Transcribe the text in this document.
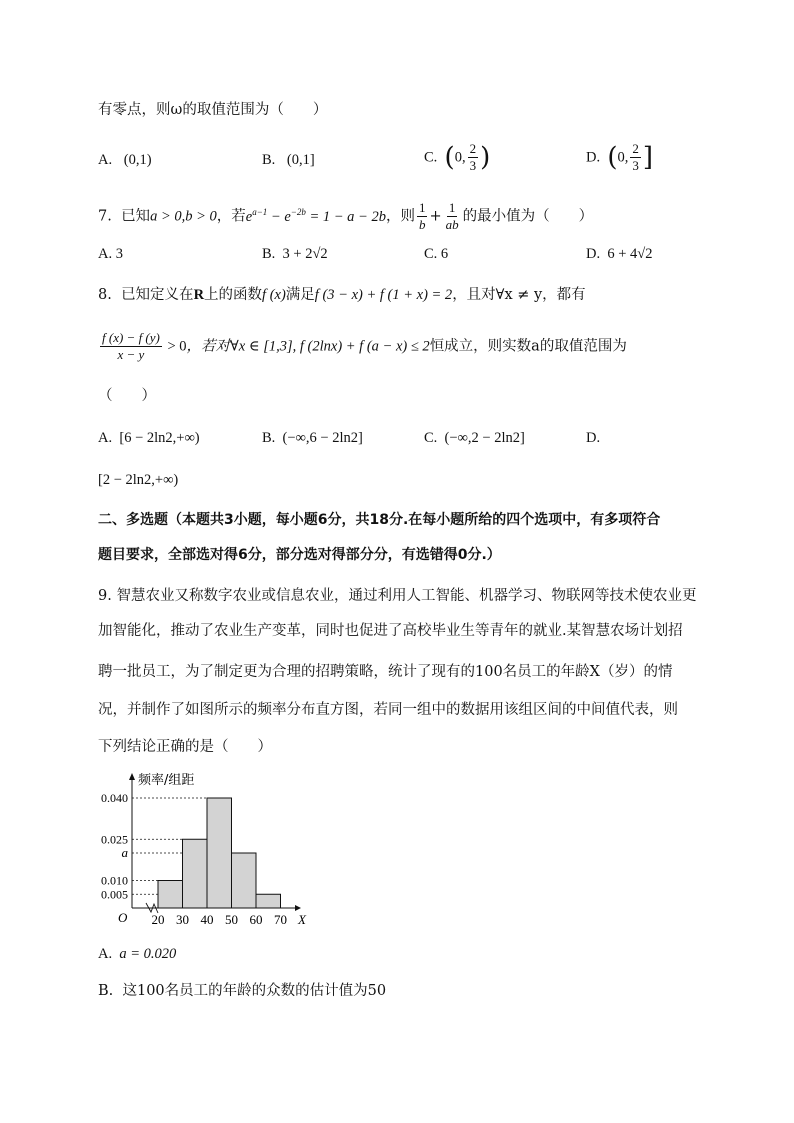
有零点，则ω的取值范围为（　　）
A. (0,1)	B. (0,1]	C. (0, $\frac{2}{3}$ )	D. (0, $\frac{2}{3}$ ]
7. 已知a > 0,b > 0，若$e^{a-1} - e^{-2b} = 1 - a - 2b$，则 $\frac{1}{b} + \frac{1}{ab}$ 的最小值为（　　）
A. 3	B. 3 + 2√2	C. 6	D. 6 + 4√2
8. 已知定义在R上的函数f (x)满足f (3 − x) + f (1 + x) = 2，且对∀x ≠ y，都有
$\frac{f (x) - f (y)}{x - y} > 0$，若对∀x ∈ [1,3], f (2lnx) + f (a − x) ≤ 2恒成立，则实数a的取值范围为
（　　）
A. [6 − 2ln2,+∞)	B. (−∞,6 − 2ln2]	C. (−∞,2 − 2ln2]	D.
[2 − 2ln2,+∞)
二、多选题（本题共3小题，每小题6分，共18分.在每小题所给的四个选项中，有多项符合
题目要求，全部选对得6分，部分选对得部分分，有选错得0分.）
9. 智慧农业又称数字农业或信息农业，通过利用人工智能、机器学习、物联网等技术使农业更
加智能化，推动了农业生产变革，同时也促进了高校毕业生等青年的就业.某智慧农场计划招
聘一批员工，为了制定更为合理的招聘策略，统计了现有的100名员工的年龄X（岁）的情
况，并制作了如图所示的频率分布直方图，若同一组中的数据用该组区间的中间值代表，则
下列结论正确的是（　　）
0.040
0.025
a
0.010
0.005
20 30 40 50 60 70 X
O
频率/组距
A. a = 0.020
B. 这100名员工的年龄的众数的估计值为50
